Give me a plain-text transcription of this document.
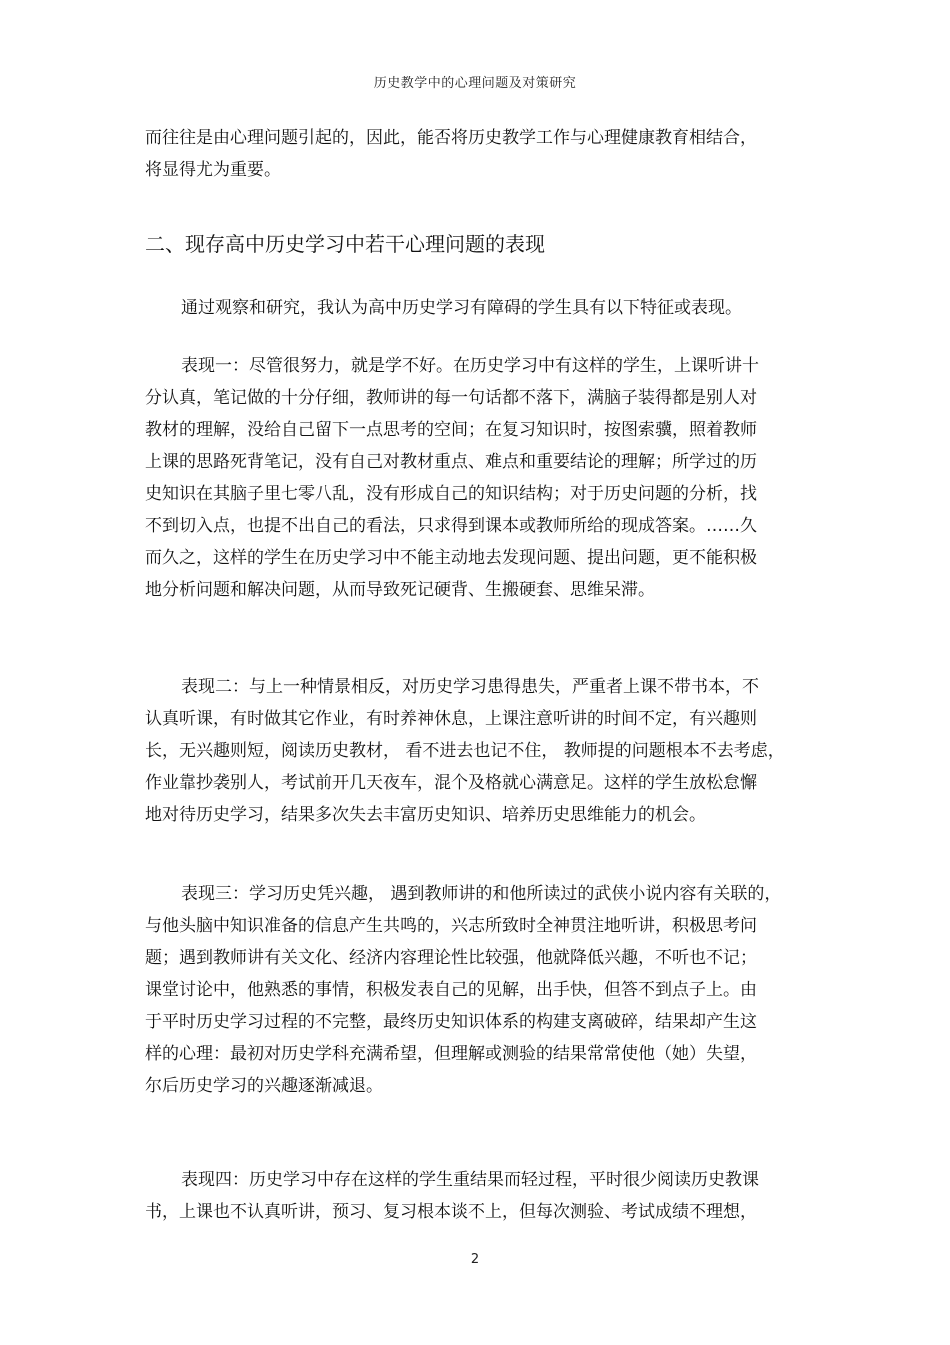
历史教学中的心理问题及对策研究
而往往是由心理问题引起的，因此，能否将历史教学工作与心理健康教育相结合，
将显得尤为重要。
二、现存高中历史学习中若干心理问题的表现
通过观察和研究，我认为高中历史学习有障碍的学生具有以下特征或表现。
表现一：尽管很努力，就是学不好。在历史学习中有这样的学生，上课听讲十
分认真，笔记做的十分仔细，教师讲的每一句话都不落下，满脑子装得都是别人对
教材的理解，没给自己留下一点思考的空间；在复习知识时，按图索骥，照着教师
上课的思路死背笔记，没有自己对教材重点、难点和重要结论的理解；所学过的历
史知识在其脑子里七零八乱，没有形成自己的知识结构；对于历史问题的分析，找
不到切入点，也提不出自己的看法，只求得到课本或教师所给的现成答案。……久
而久之，这样的学生在历史学习中不能主动地去发现问题、提出问题，更不能积极
地分析问题和解决问题，从而导致死记硬背、生搬硬套、思维呆滞。
表现二：与上一种情景相反，对历史学习患得患失，严重者上课不带书本，不
认真听课，有时做其它作业，有时养神休息，上课注意听讲的时间不定，有兴趣则
长，无兴趣则短，阅读历史教材， 看不进去也记不住， 教师提的问题根本不去考虑，
作业靠抄袭别人，考试前开几天夜车，混个及格就心满意足。这样的学生放松怠懈
地对待历史学习，结果多次失去丰富历史知识、培养历史思维能力的机会。
表现三：学习历史凭兴趣， 遇到教师讲的和他所读过的武侠小说内容有关联的，
与他头脑中知识准备的信息产生共鸣的，兴志所致时全神贯注地听讲，积极思考问
题；遇到教师讲有关文化、经济内容理论性比较强，他就降低兴趣，不听也不记；
课堂讨论中，他熟悉的事情，积极发表自己的见解，出手快，但答不到点子上。由
于平时历史学习过程的不完整，最终历史知识体系的构建支离破碎，结果却产生这
样的心理：最初对历史学科充满希望，但理解或测验的结果常常使他（她）失望，
尔后历史学习的兴趣逐渐减退。
表现四：历史学习中存在这样的学生重结果而轻过程，平时很少阅读历史教课
书，上课也不认真听讲，预习、复习根本谈不上，但每次测验、考试成绩不理想，
2
